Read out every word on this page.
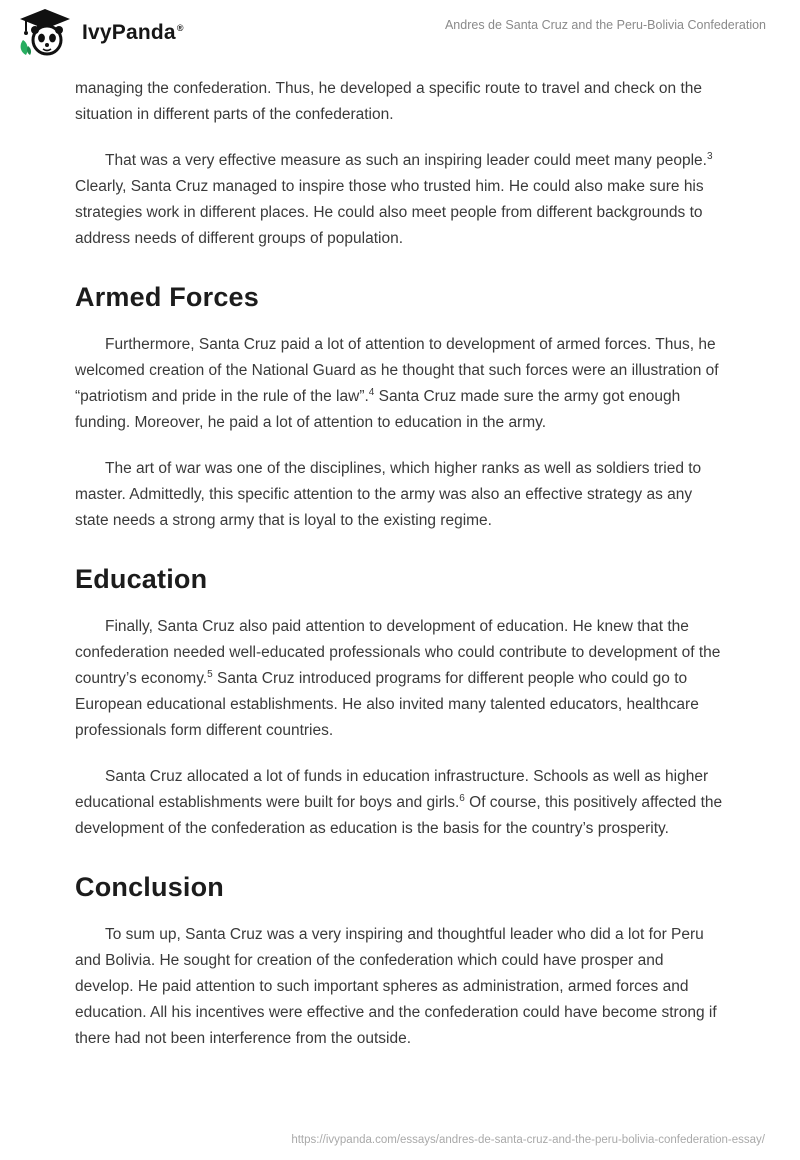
IvyPanda®	Andres de Santa Cruz and the Peru-Bolivia Confederation

managing the confederation. Thus, he developed a specific route to travel and check on the situation in different parts of the confederation.

That was a very effective measure as such an inspiring leader could meet many people.$^3$ Clearly, Santa Cruz managed to inspire those who trusted him. He could also make sure his strategies work in different places. He could also meet people from different backgrounds to address needs of different groups of population.

Armed Forces

Furthermore, Santa Cruz paid a lot of attention to development of armed forces. Thus, he welcomed creation of the National Guard as he thought that such forces were an illustration of “patriotism and pride in the rule of the law”.$^4$ Santa Cruz made sure the army got enough funding. Moreover, he paid a lot of attention to education in the army.

The art of war was one of the disciplines, which higher ranks as well as soldiers tried to master. Admittedly, this specific attention to the army was also an effective strategy as any state needs a strong army that is loyal to the existing regime.

Education

Finally, Santa Cruz also paid attention to development of education. He knew that the confederation needed well-educated professionals who could contribute to development of the country’s economy.$^5$ Santa Cruz introduced programs for different people who could go to European educational establishments. He also invited many talented educators, healthcare professionals form different countries.

Santa Cruz allocated a lot of funds in education infrastructure. Schools as well as higher educational establishments were built for boys and girls.$^6$ Of course, this positively affected the development of the confederation as education is the basis for the country’s prosperity.

Conclusion

To sum up, Santa Cruz was a very inspiring and thoughtful leader who did a lot for Peru and Bolivia. He sought for creation of the confederation which could have prosper and develop. He paid attention to such important spheres as administration, armed forces and education. All his incentives were effective and the confederation could have become strong if there had not been interference from the outside.

https://ivypanda.com/essays/andres-de-santa-cruz-and-the-peru-bolivia-confederation-essay/
